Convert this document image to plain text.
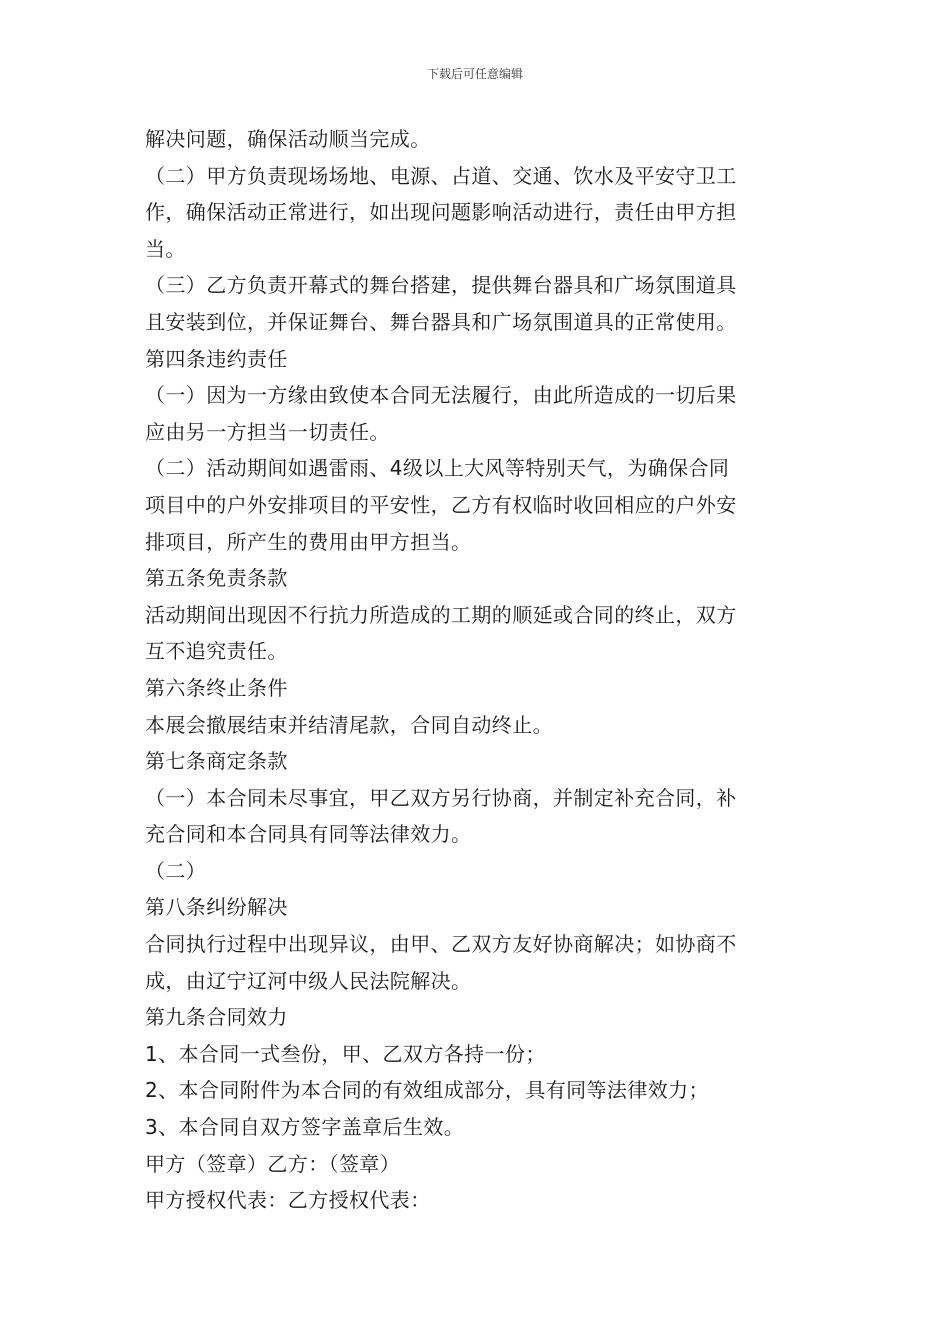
下载后可任意编辑
解决问题，确保活动顺当完成。
（二）甲方负责现场场地、电源、占道、交通、饮水及平安守卫工
作，确保活动正常进行，如出现问题影响活动进行，责任由甲方担
当。
（三）乙方负责开幕式的舞台搭建，提供舞台器具和广场氛围道具
且安装到位，并保证舞台、舞台器具和广场氛围道具的正常使用。
第四条违约责任
（一）因为一方缘由致使本合同无法履行，由此所造成的一切后果
应由另一方担当一切责任。
（二）活动期间如遇雷雨、4级以上大风等特别天气，为确保合同
项目中的户外安排项目的平安性，乙方有权临时收回相应的户外安
排项目，所产生的费用由甲方担当。
第五条免责条款
活动期间出现因不行抗力所造成的工期的顺延或合同的终止，双方
互不追究责任。
第六条终止条件
本展会撤展结束并结清尾款，合同自动终止。
第七条商定条款
（一）本合同未尽事宜，甲乙双方另行协商，并制定补充合同，补
充合同和本合同具有同等法律效力。
（二）
第八条纠纷解决
合同执行过程中出现异议，由甲、乙双方友好协商解决；如协商不
成，由辽宁辽河中级人民法院解决。
第九条合同效力
1、本合同一式叁份，甲、乙双方各持一份；
2、本合同附件为本合同的有效组成部分，具有同等法律效力；
3、本合同自双方签字盖章后生效。
甲方（签章）乙方：（签章）
甲方授权代表：乙方授权代表：
